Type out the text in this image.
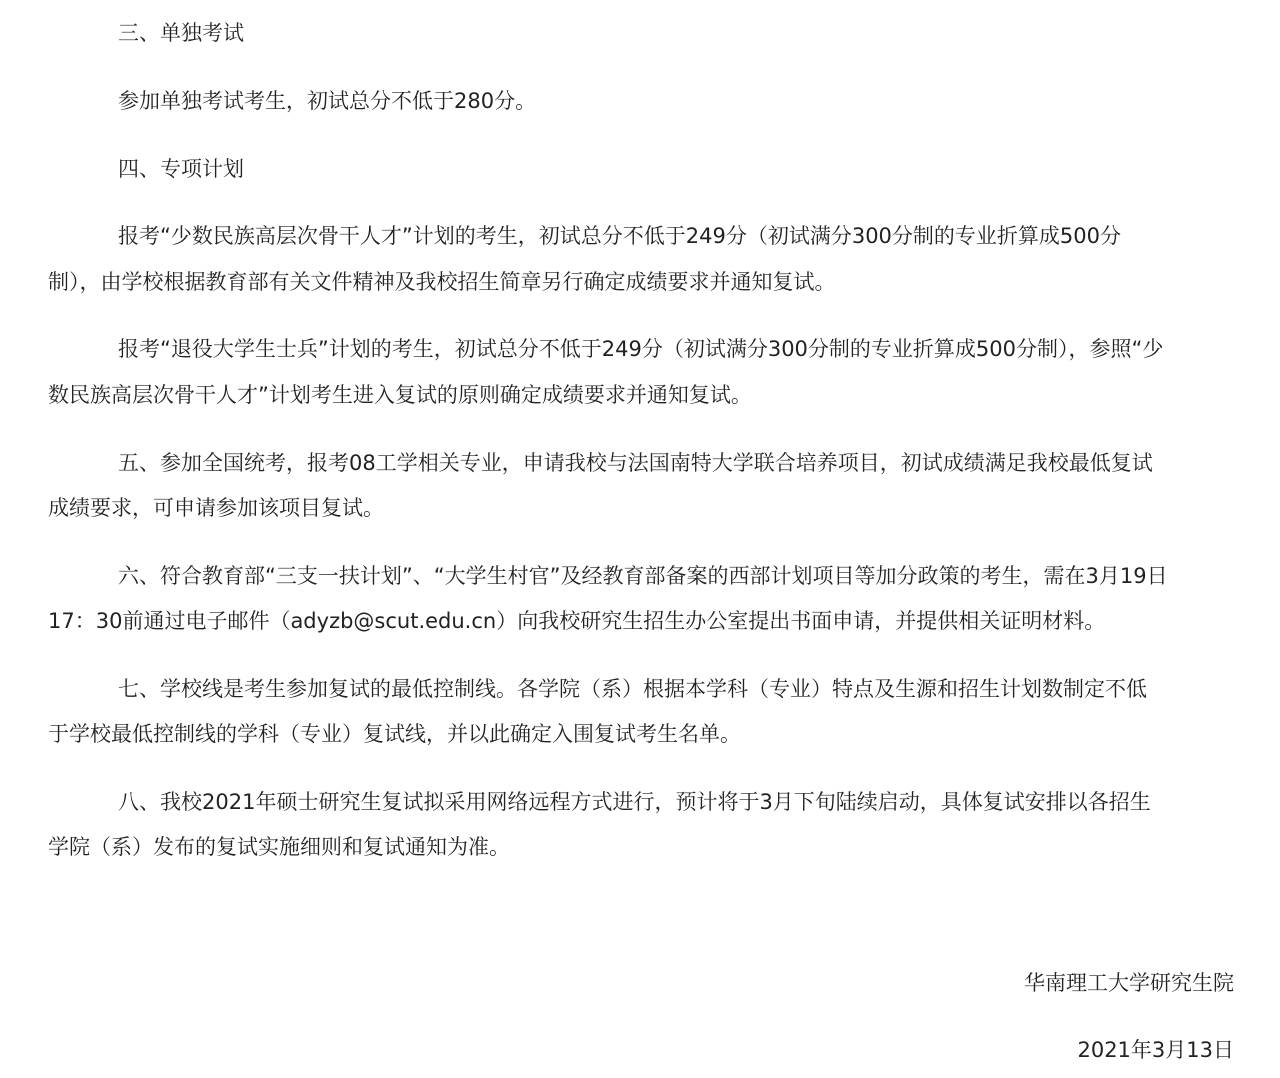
三、单独考试

参加单独考试考生，初试总分不低于280分。

四、专项计划

报考“少数民族高层次骨干人才”计划的考生，初试总分不低于249分（初试满分300分制的专业折算成500分

制），由学校根据教育部有关文件精神及我校招生简章另行确定成绩要求并通知复试。

报考“退役大学生士兵”计划的考生，初试总分不低于249分（初试满分300分制的专业折算成500分制），参照“少

数民族高层次骨干人才”计划考生进入复试的原则确定成绩要求并通知复试。

五、参加全国统考，报考08工学相关专业，申请我校与法国南特大学联合培养项目，初试成绩满足我校最低复试

成绩要求，可申请参加该项目复试。

六、符合教育部“三支一扶计划”、“大学生村官”及经教育部备案的西部计划项目等加分政策的考生，需在3月19日

17：30前通过电子邮件（adyzb@scut.edu.cn）向我校研究生招生办公室提出书面申请，并提供相关证明材料。

七、学校线是考生参加复试的最低控制线。各学院（系）根据本学科（专业）特点及生源和招生计划数制定不低

于学校最低控制线的学科（专业）复试线，并以此确定入围复试考生名单。

八、我校2021年硕士研究生复试拟采用网络远程方式进行，预计将于3月下旬陆续启动，具体复试安排以各招生

学院（系）发布的复试实施细则和复试通知为准。

华南理工大学研究生院

2021年3月13日
